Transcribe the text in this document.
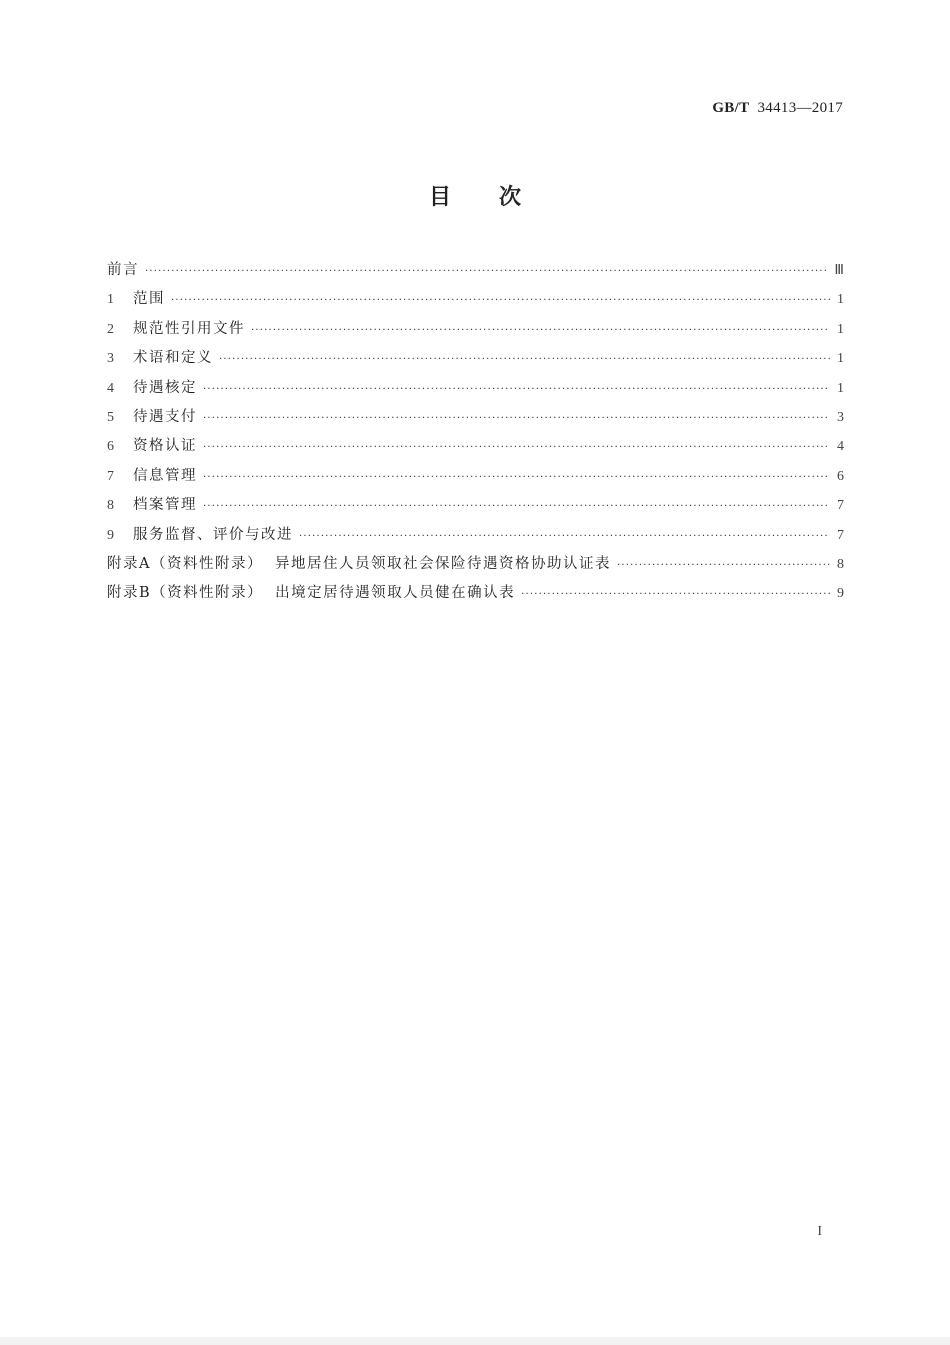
GB/T 34413—2017
目次
前言 ·····	Ⅲ
1	范围 ·····	1
2	规范性引用文件 ·····	1
3	术语和定义 ·····	1
4	待遇核定 ·····	1
5	待遇支付 ·····	3
6	资格认证 ·····	4
7	信息管理 ·····	6
8	档案管理 ·····	7
9	服务监督、评价与改进 ·····	7
附录A（资料性附录） 异地居住人员领取社会保险待遇资格协助认证表 ·····	8
附录B（资料性附录） 出境定居待遇领取人员健在确认表 ·····	9
I
